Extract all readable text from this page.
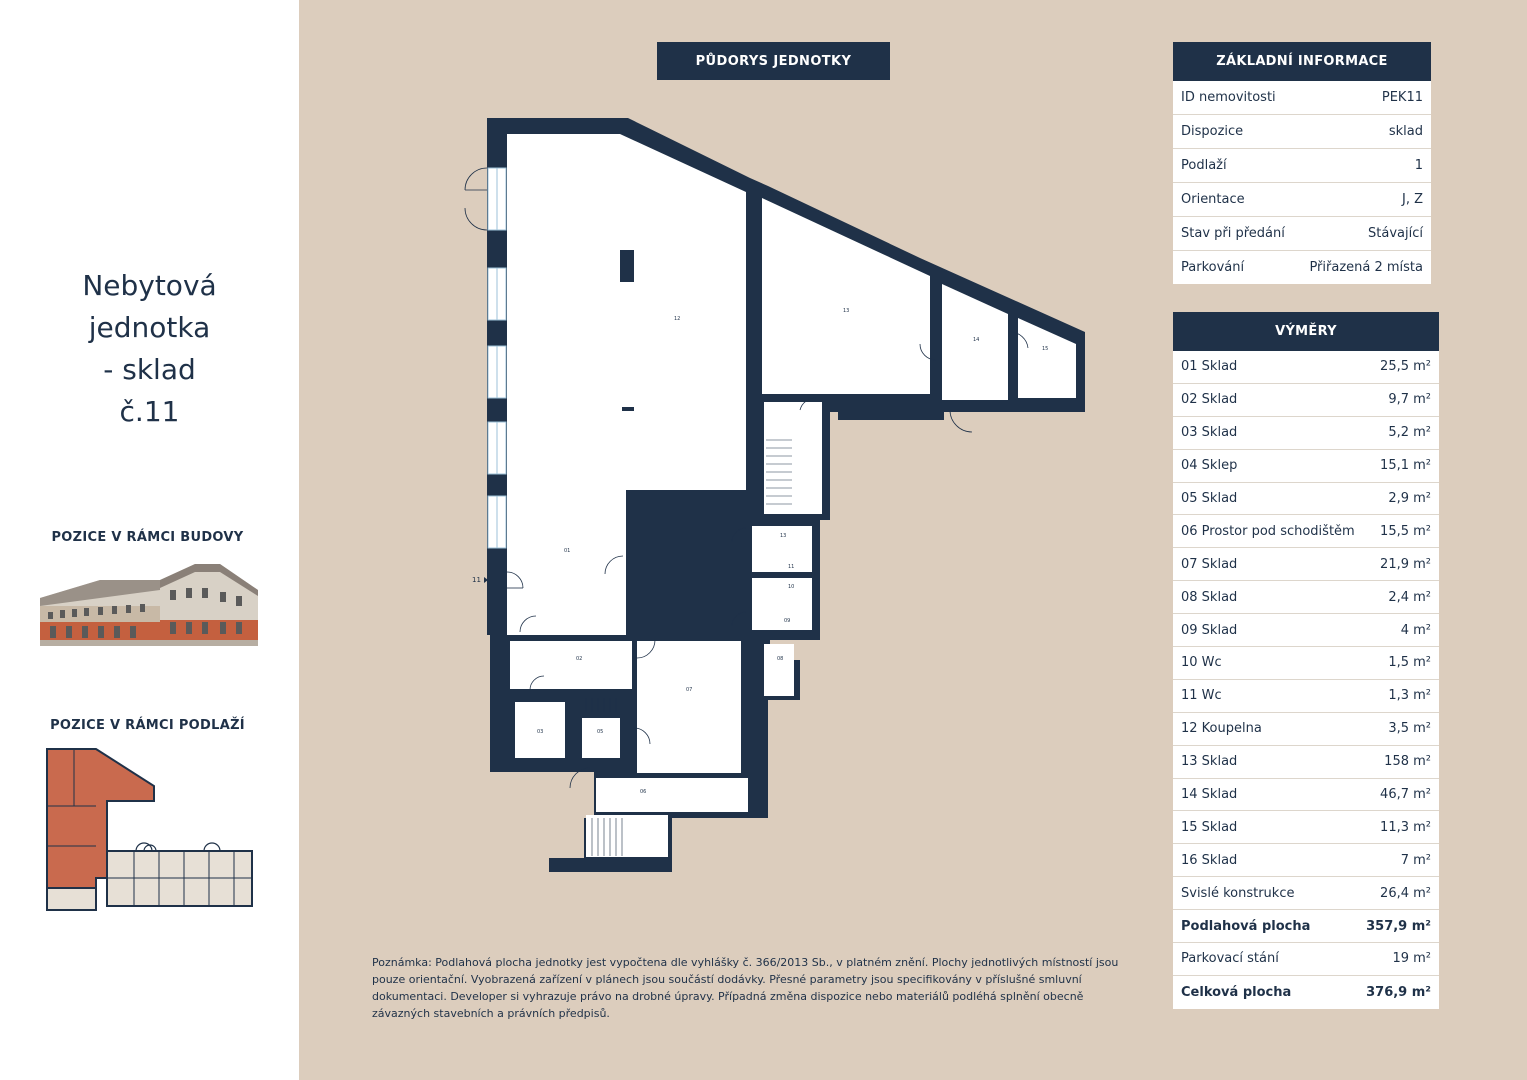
Nebytová
jednotka
- sklad
č.11
POZICE V RÁMCI BUDOVY
POZICE V RÁMCI PODLAŽÍ
PŮDORYS JEDNOTKY
12
13
14
15
01
02
03	05
06
07
08
09
10
11
13
11
ZÁKLADNÍ INFORMACE
ID nemovitosti	PEK11
Dispozice	sklad
Podlaží	1
Orientace	J, Z
Stav při předání	Stávající
Parkování	Přiřazená 2 místa
VÝMĚRY
01 Sklad	25,5 m²
02 Sklad	9,7 m²
03 Sklad	5,2 m²
04 Sklep	15,1 m²
05 Sklad	2,9 m²
06 Prostor pod schodištěm 15,5 m²
07 Sklad	21,9 m²
08 Sklad	2,4 m²
09 Sklad	4 m²
10 Wc	1,5 m²
11 Wc	1,3 m²
12 Koupelna	3,5 m²
13 Sklad	158 m²
14 Sklad	46,7 m²
15 Sklad	11,3 m²
16 Sklad	7 m²
Svislé konstrukce	26,4 m²
Podlahová plocha	357,9 m²
Parkovací stání	19 m²
Celková plocha	376,9 m²
Poznámka: Podlahová plocha jednotky jest vypočtena dle vyhlášky č. 366/2013 Sb., v platném znění. Plochy jednotlivých místností jsou pouze orientační. Vyobrazená zařízení v plánech jsou součástí dodávky. Přesné parametry jsou specifikovány v příslušné smluvní dokumentaci. Developer si vyhrazuje právo na drobné úpravy. Případná změna dispozice nebo materiálů podléhá splnění obecně závazných stavebních a právních předpisů.
